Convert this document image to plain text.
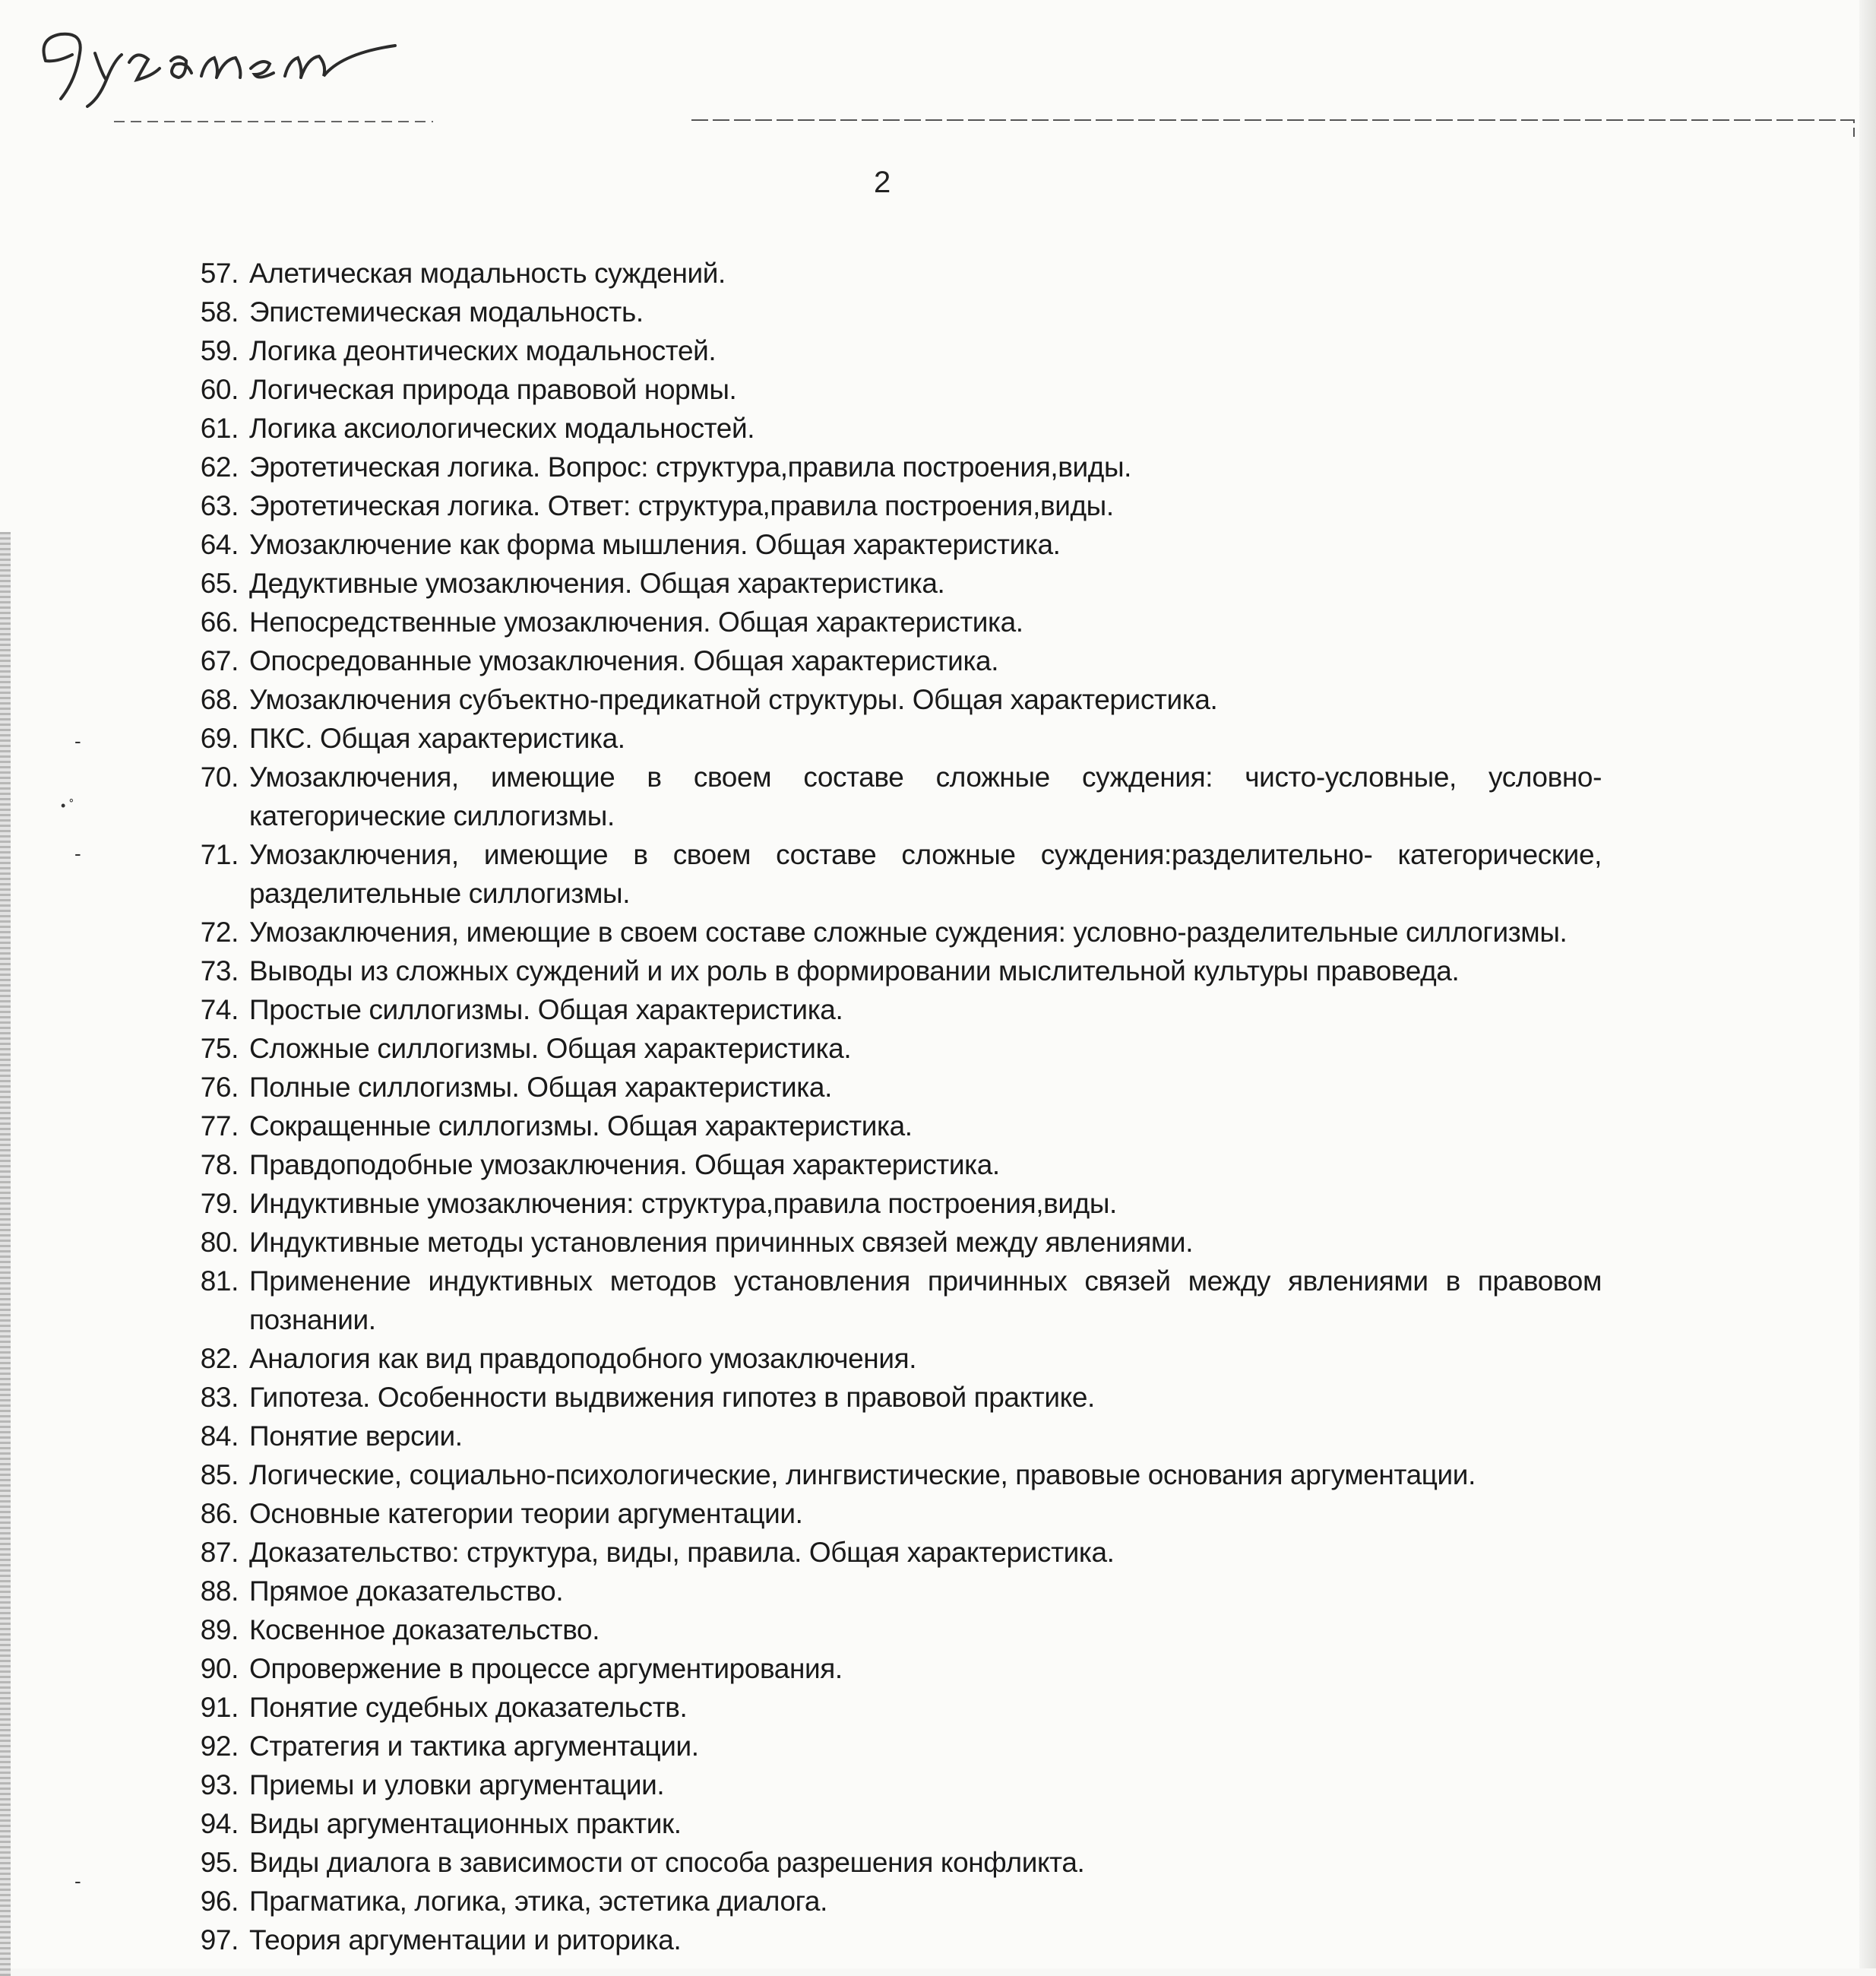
2
57. Алетическая модальность суждений.
58. Эпистемическая модальность.
59. Логика деонтических модальностей.
60. Логическая природа правовой нормы.
61. Логика аксиологических модальностей.
62. Эротетическая логика. Вопрос: структура,правила построения,виды.
63. Эротетическая логика. Ответ: структура,правила построения,виды.
64. Умозаключение как форма мышления. Общая характеристика.
65. Дедуктивные умозаключения. Общая характеристика.
66. Непосредственные умозаключения. Общая характеристика.
67. Опосредованные умозаключения. Общая характеристика.
68. Умозаключения субъектно-предикатной структуры. Общая характеристика.
69. ПКС. Общая характеристика.
70. Умозаключения, имеющие в своем составе сложные суждения: чисто-условные, условно-категорические силлогизмы.
71. Умозаключения, имеющие в своем составе сложные суждения:разделительно- категорические, разделительные силлогизмы.
72. Умозаключения, имеющие в своем составе сложные суждения: условно-разделительные силлогизмы.
73. Выводы из сложных суждений и их роль в формировании мыслительной культуры правоведа.
74. Простые силлогизмы. Общая характеристика.
75. Сложные силлогизмы. Общая характеристика.
76. Полные силлогизмы. Общая характеристика.
77. Сокращенные силлогизмы. Общая характеристика.
78. Правдоподобные умозаключения. Общая характеристика.
79. Индуктивные умозаключения: структура,правила построения,виды.
80. Индуктивные методы установления причинных связей между явлениями.
81. Применение индуктивных методов установления причинных связей между явлениями в правовом познании.
82. Аналогия как вид правдоподобного умозаключения.
83. Гипотеза. Особенности выдвижения гипотез в правовой практике.
84. Понятие версии.
85. Логические, социально-психологические, лингвистические, правовые основания аргументации.
86. Основные категории теории аргументации.
87. Доказательство: структура, виды, правила. Общая характеристика.
88. Прямое доказательство.
89. Косвенное доказательство.
90. Опровержение в процессе аргументирования.
91. Понятие судебных доказательств.
92. Стратегия и тактика аргументации.
93. Приемы и уловки аргументации.
94. Виды аргументационных практик.
95. Виды диалога в зависимости от способа разрешения конфликта.
96. Прагматика, логика, этика, эстетика диалога.
97. Теория аргументации и риторика.
-
• ˚
-
-
